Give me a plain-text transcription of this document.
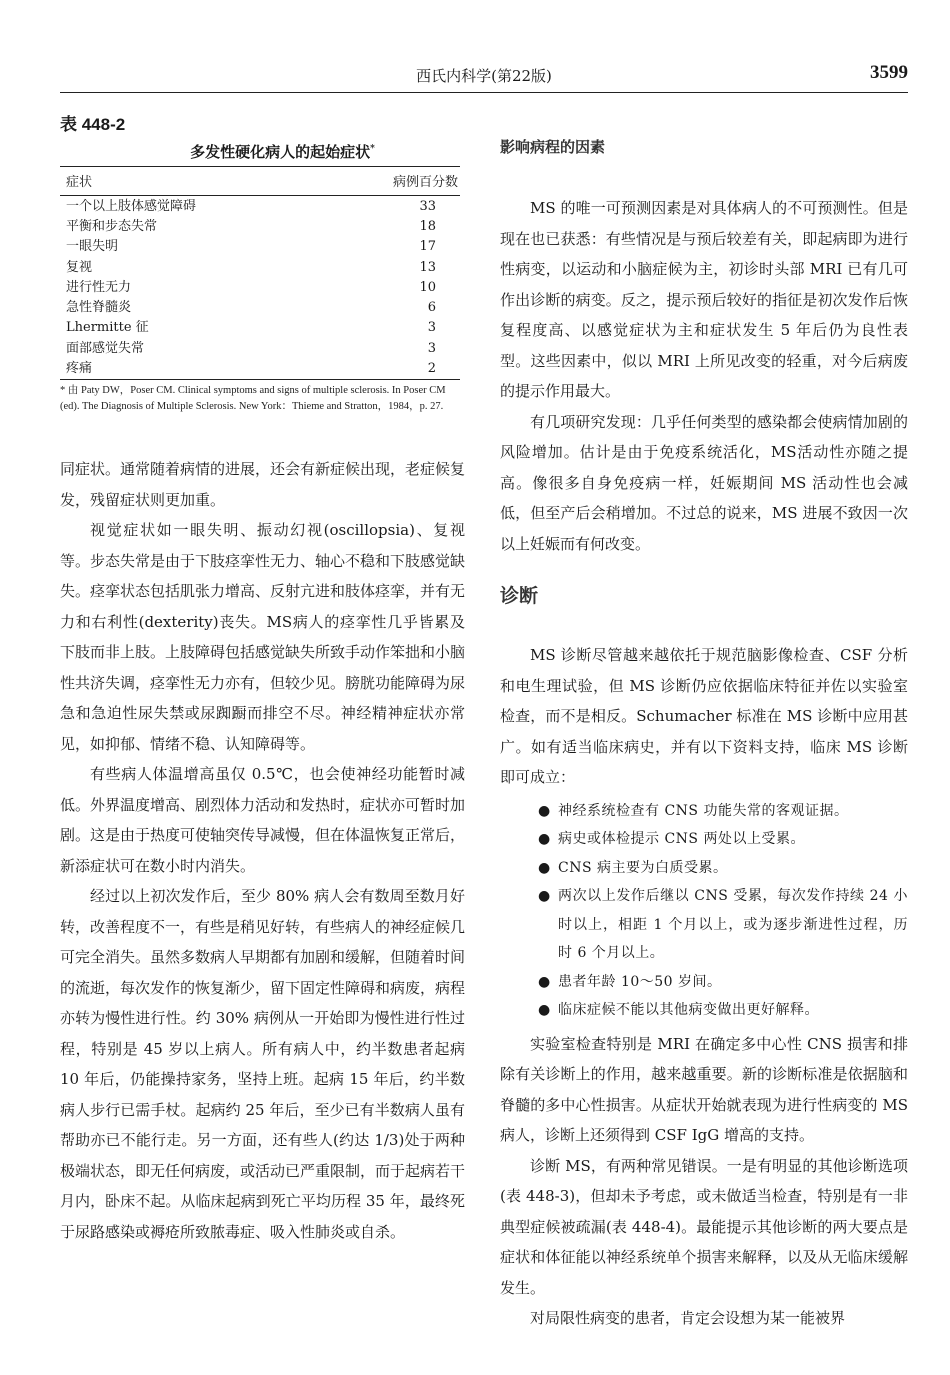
西氏内科学(第22版)	3599
表 448-2
多发性硬化病人的起始症状*
症状	病例百分数
一个以上肢体感觉障碍	33
平衡和步态失常	18
一眼失明	17
复视	13
进行性无力	10
急性脊髓炎	6
Lhermitte 征	3
面部感觉失常	3
疼痛	2
* 由 Paty DW，Poser CM. Clinical symptoms and signs of multiple sclerosis. In Poser CM (ed). The Diagnosis of Multiple Sclerosis. New York：Thieme and Stratton，1984，p. 27.

同症状。通常随着病情的进展，还会有新症候出现，老症候复发，残留症状则更加重。

视觉症状如一眼失明、振动幻视(oscillopsia)、复视等。步态失常是由于下肢痉挛性无力、轴心不稳和下肢感觉缺失。痉挛状态包括肌张力增高、反射亢进和肢体痉挛，并有无力和右利性(dexterity)丧失。MS病人的痉挛性几乎皆累及下肢而非上肢。上肢障碍包括感觉缺失所致手动作笨拙和小脑性共济失调，痉挛性无力亦有，但较少见。膀胱功能障碍为尿急和急迫性尿失禁或尿踟蹰而排空不尽。神经精神症状亦常见，如抑郁、情绪不稳、认知障碍等。

有些病人体温增高虽仅 0.5℃，也会使神经功能暂时减低。外界温度增高、剧烈体力活动和发热时，症状亦可暂时加剧。这是由于热度可使轴突传导减慢，但在体温恢复正常后，新添症状可在数小时内消失。

经过以上初次发作后，至少 80% 病人会有数周至数月好转，改善程度不一，有些是稍见好转，有些病人的神经症候几可完全消失。虽然多数病人早期都有加剧和缓解，但随着时间的流逝，每次发作的恢复渐少，留下固定性障碍和病废，病程亦转为慢性进行性。约 30% 病例从一开始即为慢性进行性过程，特别是 45 岁以上病人。所有病人中，约半数患者起病 10 年后，仍能操持家务，坚持上班。起病 15 年后，约半数病人步行已需手杖。起病约 25 年后，至少已有半数病人虽有帮助亦已不能行走。另一方面，还有些人(约达 1/3)处于两种极端状态，即无任何病废，或活动已严重限制，而于起病若干月内，卧床不起。从临床起病到死亡平均历程 35 年，最终死于尿路感染或褥疮所致脓毒症、吸入性肺炎或自杀。

影响病程的因素

MS 的唯一可预测因素是对具体病人的不可预测性。但是现在也已获悉：有些情况是与预后较差有关，即起病即为进行性病变，以运动和小脑症候为主，初诊时头部 MRI 已有几可作出诊断的病变。反之，提示预后较好的指征是初次发作后恢复程度高、以感觉症状为主和症状发生 5 年后仍为良性表型。这些因素中，似以 MRI 上所见改变的轻重，对今后病废的提示作用最大。

有几项研究发现：几乎任何类型的感染都会使病情加剧的风险增加。估计是由于免疫系统活化，MS活动性亦随之提高。像很多自身免疫病一样，妊娠期间 MS 活动性也会减低，但至产后会稍增加。不过总的说来，MS 进展不致因一次以上妊娠而有何改变。

诊断

MS 诊断尽管越来越依托于规范脑影像检查、CSF 分析和电生理试验，但 MS 诊断仍应依据临床特征并佐以实验室检查，而不是相反。Schumacher 标准在 MS 诊断中应用甚广。如有适当临床病史，并有以下资料支持，临床 MS 诊断即可成立：

● 神经系统检查有 CNS 功能失常的客观证据。
● 病史或体检提示 CNS 两处以上受累。
● CNS 病主要为白质受累。
● 两次以上发作后继以 CNS 受累，每次发作持续 24 小时以上，相距 1 个月以上，或为逐步渐进性过程，历时 6 个月以上。
● 患者年龄 10～50 岁间。
● 临床症候不能以其他病变做出更好解释。

实验室检查特别是 MRI 在确定多中心性 CNS 损害和排除有关诊断上的作用，越来越重要。新的诊断标准是依据脑和脊髓的多中心性损害。从症状开始就表现为进行性病变的 MS 病人，诊断上还须得到 CSF IgG 增高的支持。

诊断 MS，有两种常见错误。一是有明显的其他诊断选项(表 448-3)，但却未予考虑，或未做适当检查，特别是有一非典型症候被疏漏(表 448-4)。最能提示其他诊断的两大要点是症状和体征能以神经系统单个损害来解释，以及从无临床缓解发生。

对局限性病变的患者，肯定会设想为某一能被界
